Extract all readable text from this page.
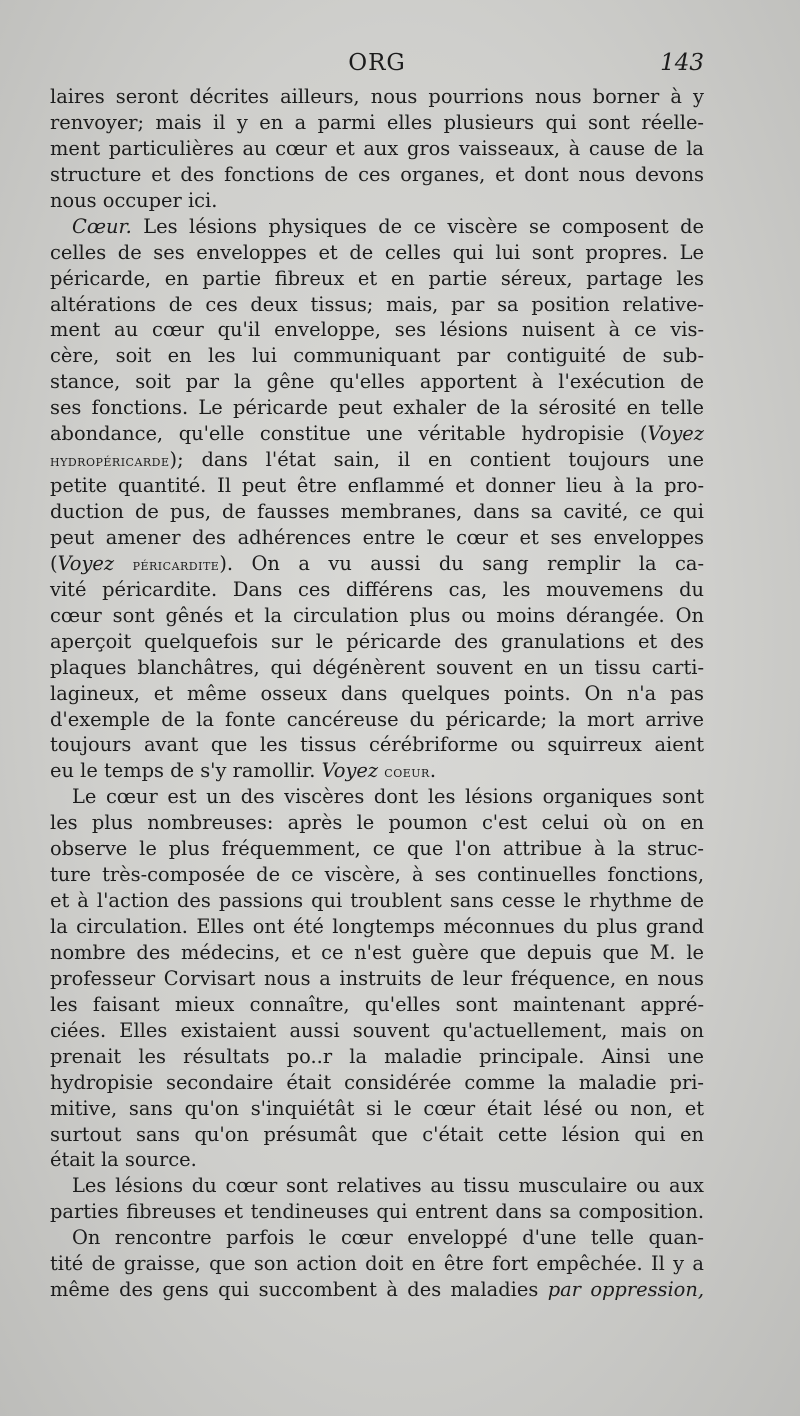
ORG	143
laires seront décrites ailleurs, nous pourrions nous borner à y
renvoyer; mais il y en a parmi elles plusieurs qui sont réelle-
ment particulières au cœur et aux gros vaisseaux, à cause de la
structure et des fonctions de ces organes, et dont nous devons
nous occuper ici.
Cœur. Les lésions physiques de ce viscère se composent de
celles de ses enveloppes et de celles qui lui sont propres. Le
péricarde, en partie fibreux et en partie séreux, partage les
altérations de ces deux tissus; mais, par sa position relative-
ment au cœur qu'il enveloppe, ses lésions nuisent à ce vis-
cère, soit en les lui communiquant par contiguité de sub-
stance, soit par la gêne qu'elles apportent à l'exécution de
ses fonctions. Le péricarde peut exhaler de la sérosité en telle
abondance, qu'elle constitue une véritable hydropisie (Voyez
hydropéricarde); dans l'état sain, il en contient toujours une
petite quantité. Il peut être enflammé et donner lieu à la pro-
duction de pus, de fausses membranes, dans sa cavité, ce qui
peut amener des adhérences entre le cœur et ses enveloppes
(Voyez péricardite). On a vu aussi du sang remplir la ca-
vité péricardite. Dans ces différens cas, les mouvemens du
cœur sont gênés et la circulation plus ou moins dérangée. On
aperçoit quelquefois sur le péricarde des granulations et des
plaques blanchâtres, qui dégénèrent souvent en un tissu carti-
lagineux, et même osseux dans quelques points. On n'a pas
d'exemple de la fonte cancéreuse du péricarde; la mort arrive
toujours avant que les tissus cérébriforme ou squirreux aient
eu le temps de s'y ramollir. Voyez coeur.
Le cœur est un des viscères dont les lésions organiques sont
les plus nombreuses: après le poumon c'est celui où on en
observe le plus fréquemment, ce que l'on attribue à la struc-
ture très-composée de ce viscère, à ses continuelles fonctions,
et à l'action des passions qui troublent sans cesse le rhythme de
la circulation. Elles ont été longtemps méconnues du plus grand
nombre des médecins, et ce n'est guère que depuis que M. le
professeur Corvisart nous a instruits de leur fréquence, en nous
les faisant mieux connaître, qu'elles sont maintenant appré-
ciées. Elles existaient aussi souvent qu'actuellement, mais on
prenait les résultats po..r la maladie principale. Ainsi une
hydropisie secondaire était considérée comme la maladie pri-
mitive, sans qu'on s'inquiétât si le cœur était lésé ou non, et
surtout sans qu'on présumât que c'était cette lésion qui en
était la source.
Les lésions du cœur sont relatives au tissu musculaire ou aux
parties fibreuses et tendineuses qui entrent dans sa composition.
On rencontre parfois le cœur enveloppé d'une telle quan-
tité de graisse, que son action doit en être fort empêchée. Il y a
même des gens qui succombent à des maladies par oppression,
